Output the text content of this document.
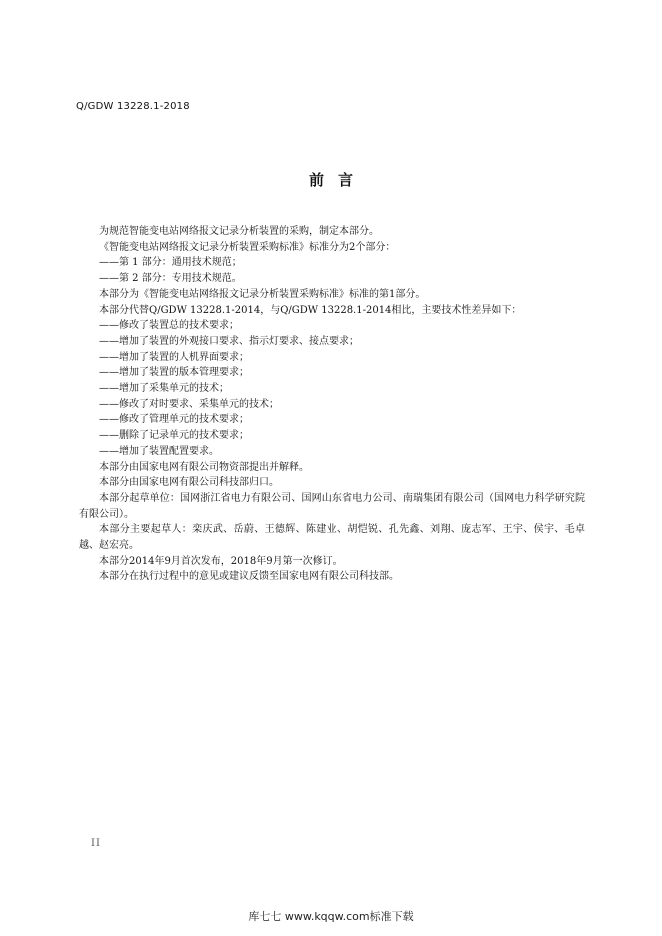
Q/GDW 13228.1-2018
前言
为规范智能变电站网络报文记录分析装置的采购，制定本部分。
《智能变电站网络报文记录分析装置采购标准》标准分为2个部分：
——第 1 部分：通用技术规范；
——第 2 部分：专用技术规范。
本部分为《智能变电站网络报文记录分析装置采购标准》标准的第1部分。
本部分代替Q/GDW 13228.1-2014，与Q/GDW 13228.1-2014相比，主要技术性差异如下：
——修改了装置总的技术要求；
——增加了装置的外观接口要求、指示灯要求、接点要求；
——增加了装置的人机界面要求；
——增加了装置的版本管理要求；
——增加了采集单元的技术；
——修改了对时要求、采集单元的技术；
——修改了管理单元的技术要求；
——删除了记录单元的技术要求；
——增加了装置配置要求。
本部分由国家电网有限公司物资部提出并解释。
本部分由国家电网有限公司科技部归口。
本部分起草单位：国网浙江省电力有限公司、国网山东省电力公司、南瑞集团有限公司（国网电力科学研究院有限公司）。
本部分主要起草人：栾庆武、岳蔚、王德辉、陈建业、胡恺锐、孔先鑫、刘翔、庞志军、王宇、侯宇、毛卓越、赵宏亮。
本部分2014年9月首次发布，2018年9月第一次修订。
本部分在执行过程中的意见或建议反馈至国家电网有限公司科技部。
II
库七七 www.kqqw.com标准下载
